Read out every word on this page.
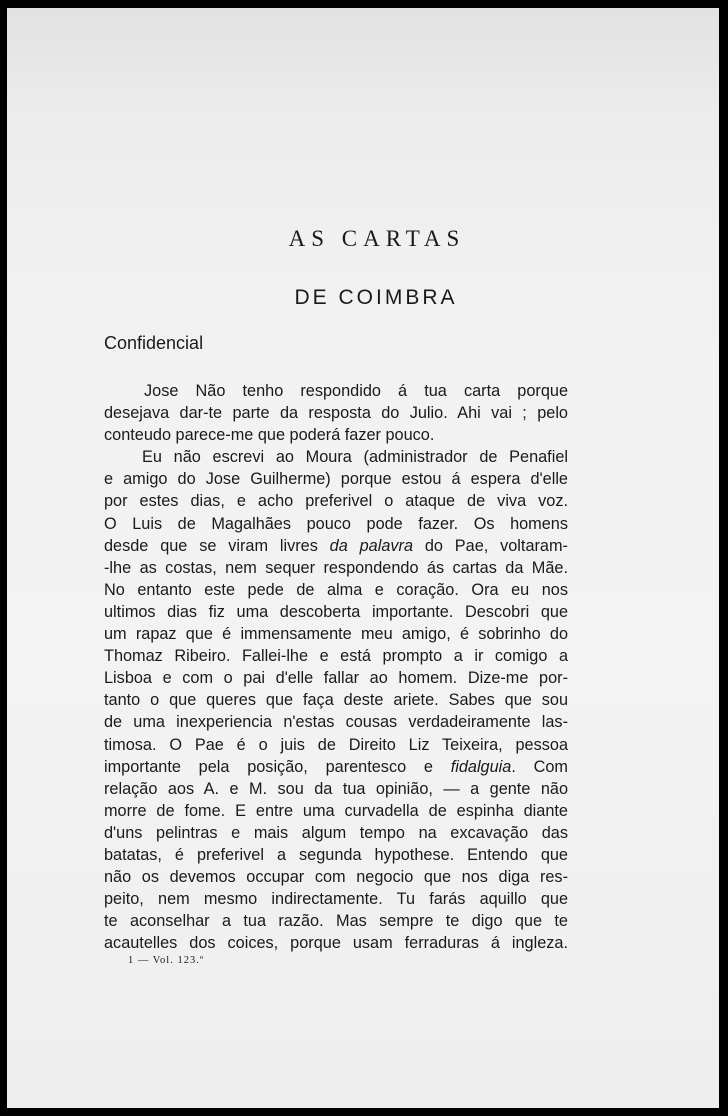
AS CARTAS
DE COIMBRA
Confidencial
Jose Não tenho respondido á tua carta porque
desejava dar-te parte da resposta do Julio. Ahi vai ; pelo
conteudo parece-me que poderá fazer pouco.
Eu não escrevi ao Moura (administrador de Penafiel
e amigo do Jose Guilherme) porque estou á espera d'elle
por estes dias, e acho preferivel o ataque de viva voz.
O Luis de Magalhães pouco pode fazer. Os homens
desde que se viram livres da palavra do Pae, voltaram-
-lhe as costas, nem sequer respondendo ás cartas da Mãe.
No entanto este pede de alma e coração. Ora eu nos
ultimos dias fiz uma descoberta importante. Descobri que
um rapaz que é immensamente meu amigo, é sobrinho do
Thomaz Ribeiro. Fallei-lhe e está prompto a ir comigo a
Lisboa e com o pai d'elle fallar ao homem. Dize-me por-
tanto o que queres que faça deste ariete. Sabes que sou
de uma inexperiencia n'estas cousas verdadeiramente las-
timosa. O Pae é o juis de Direito Liz Teixeira, pessoa
importante pela posição, parentesco e fidalguia. Com
relação aos A. e M. sou da tua opinião, — a gente não
morre de fome. E entre uma curvadella de espinha diante
d'uns pelintras e mais algum tempo na excavação das
batatas, é preferivel a segunda hypothese. Entendo que
não os devemos occupar com negocio que nos diga res-
peito, nem mesmo indirectamente. Tu farás aquillo que
te aconselhar a tua razão. Mas sempre te digo que te
acautelles dos coices, porque usam ferraduras á ingleza.
1 — Vol. 123.º
